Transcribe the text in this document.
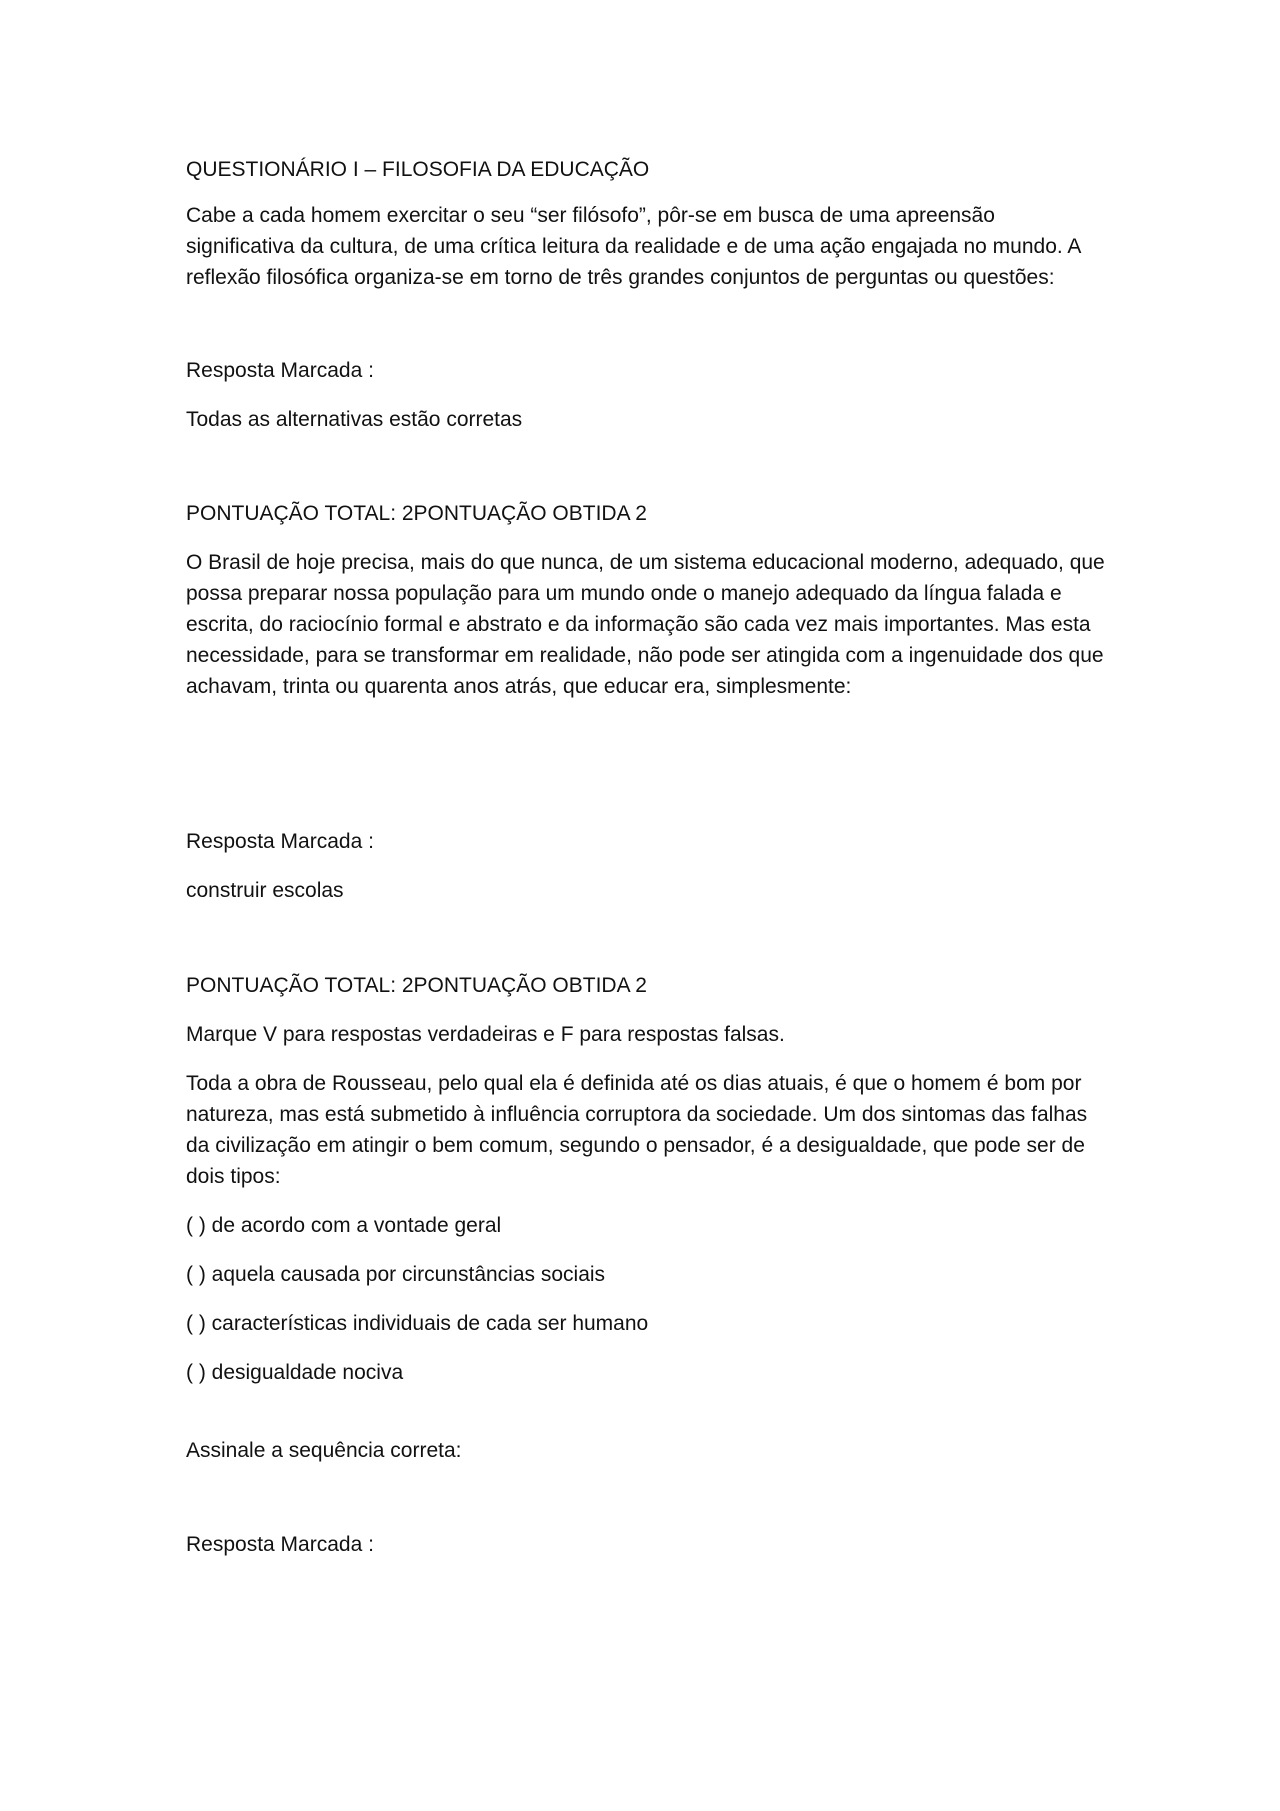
QUESTIONÁRIO I – FILOSOFIA DA EDUCAÇÃO

Cabe a cada homem exercitar o seu “ser filósofo”, pôr-se em busca de uma apreensão significativa da cultura, de uma crítica leitura da realidade e de uma ação engajada no mundo. A reflexão filosófica organiza-se em torno de três grandes conjuntos de perguntas ou questões:

Resposta Marcada :

Todas as alternativas estão corretas

PONTUAÇÃO TOTAL: 2PONTUAÇÃO OBTIDA 2

O Brasil de hoje precisa, mais do que nunca, de um sistema educacional moderno, adequado, que possa preparar nossa população para um mundo onde o manejo adequado da língua falada e escrita, do raciocínio formal e abstrato e da informação são cada vez mais importantes. Mas esta necessidade, para se transformar em realidade, não pode ser atingida com a ingenuidade dos que achavam, trinta ou quarenta anos atrás, que educar era, simplesmente:

Resposta Marcada :

construir escolas

PONTUAÇÃO TOTAL: 2PONTUAÇÃO OBTIDA 2

Marque V para respostas verdadeiras e F para respostas falsas.

Toda a obra de Rousseau, pelo qual ela é definida até os dias atuais, é que o homem é bom por natureza, mas está submetido à influência corruptora da sociedade. Um dos sintomas das falhas da civilização em atingir o bem comum, segundo o pensador, é a desigualdade, que pode ser de dois tipos:

( ) de acordo com a vontade geral

( ) aquela causada por circunstâncias sociais

( ) características individuais de cada ser humano

( ) desigualdade nociva

Assinale a sequência correta:

Resposta Marcada :
